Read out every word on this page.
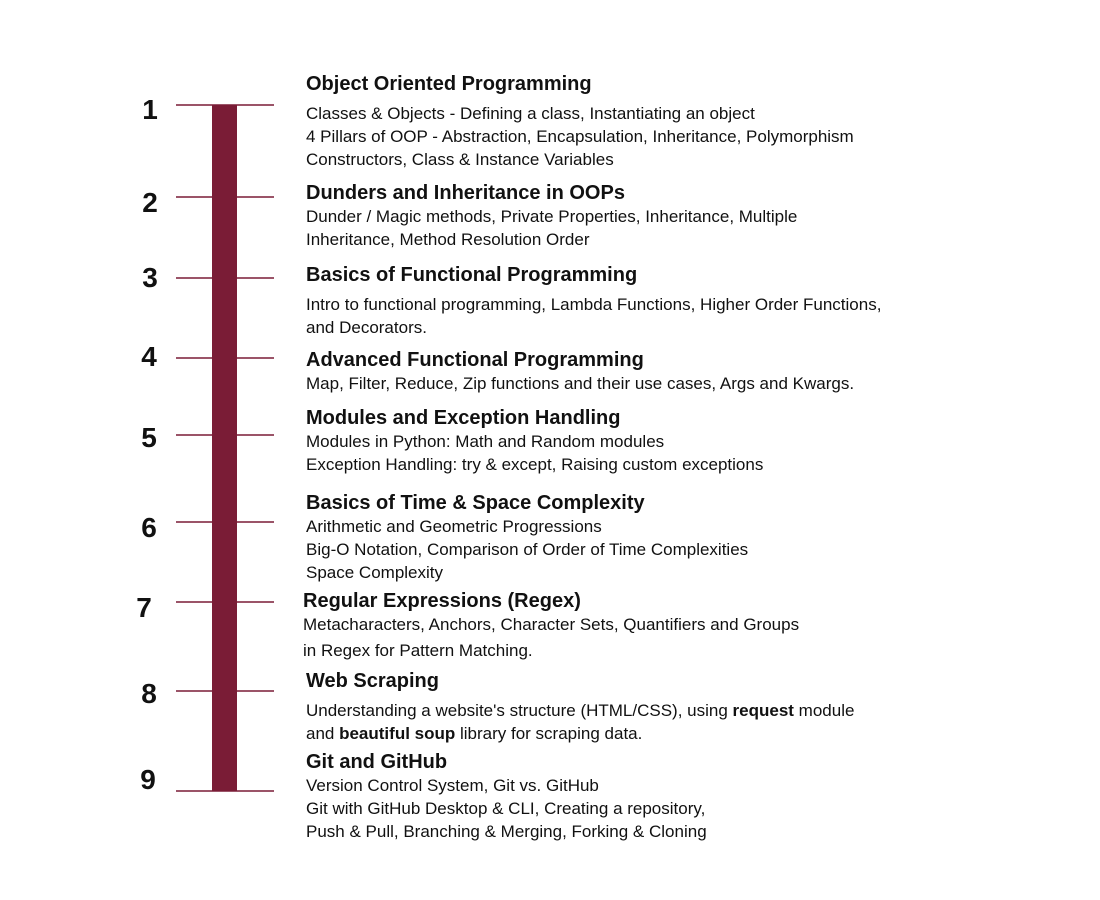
1
2
3
4
5
6
7
8
9

Object Oriented Programming

Classes & Objects - Defining a class, Instantiating an object

4 Pillars of OOP - Abstraction, Encapsulation, Inheritance, Polymorphism

Constructors, Class & Instance Variables

Dunders and Inheritance in OOPs

Dunder / Magic methods, Private Properties, Inheritance, Multiple

Inheritance, Method Resolution Order

Basics of Functional Programming

Intro to functional programming, Lambda Functions, Higher Order Functions,

and Decorators.

Advanced Functional Programming

Map, Filter, Reduce, Zip functions and their use cases, Args and Kwargs.

Modules and Exception Handling

Modules in Python: Math and Random modules

Exception Handling: try & except, Raising custom exceptions

Basics of Time & Space Complexity

Arithmetic and Geometric Progressions

Big-O Notation, Comparison of Order of Time Complexities

Space Complexity

Regular Expressions (Regex)

Metacharacters, Anchors, Character Sets, Quantifiers and Groups

in Regex for Pattern Matching.

Web Scraping

Understanding a website's structure (HTML/CSS), using request module

and beautiful soup library for scraping data.

Git and GitHub

Version Control System, Git vs. GitHub

Git with GitHub Desktop & CLI, Creating a repository,

Push & Pull, Branching & Merging, Forking & Cloning
